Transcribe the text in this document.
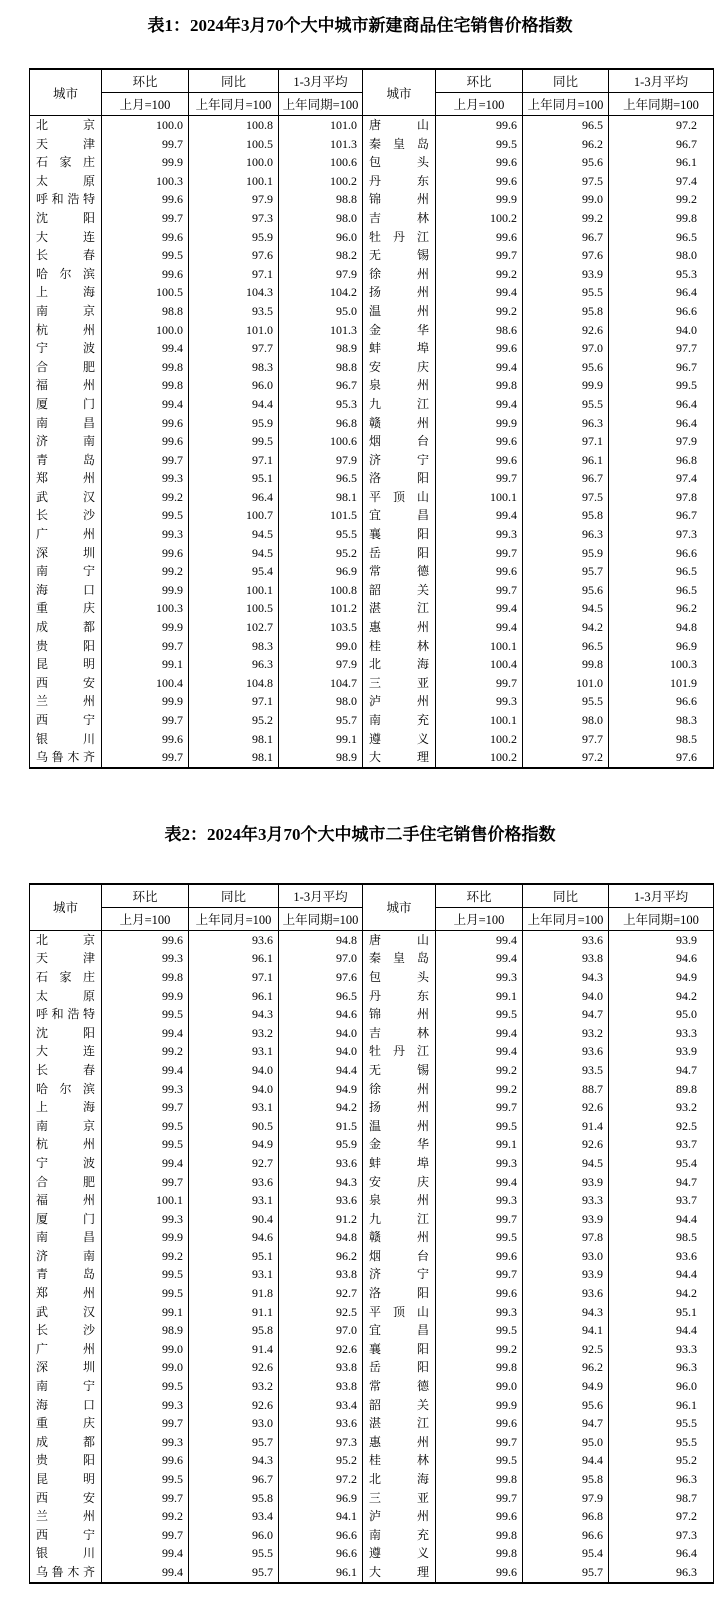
表1：2024年3月70个大中城市新建商品住宅销售价格指数
城市	环比	同比	1-3月平均	城市	环比	同比	1-3月平均
	上月=100	上年同月=100	上年同期=100		上月=100	上年同月=100	上年同期=100

北 京	100.0	100.8	101.0	唐 山	99.6	96.5	97.2

天 津	99.7	100.5	101.3	秦 皇 岛	99.5	96.2	96.7

石 家 庄	99.9	100.0	100.6	包 头	99.6	95.6	96.1

太 原	100.3	100.1	100.2	丹 东	99.6	97.5	97.4

呼 和 浩 特	99.6	97.9	98.8	锦 州	99.9	99.0	99.2

沈 阳	99.7	97.3	98.0	吉 林	100.2	99.2	99.8

大 连	99.6	95.9	96.0	牡 丹 江	99.6	96.7	96.5

长 春	99.5	97.6	98.2	无 锡	99.7	97.6	98.0

哈 尔 滨	99.6	97.1	97.9	徐 州	99.2	93.9	95.3

上 海	100.5	104.3	104.2	扬 州	99.4	95.5	96.4

南 京	98.8	93.5	95.0	温 州	99.2	95.8	96.6

杭 州	100.0	101.0	101.3	金 华	98.6	92.6	94.0

宁 波	99.4	97.7	98.9	蚌 埠	99.6	97.0	97.7

合 肥	99.8	98.3	98.8	安 庆	99.4	95.6	96.7

福 州	99.8	96.0	96.7	泉 州	99.8	99.9	99.5

厦 门	99.4	94.4	95.3	九 江	99.4	95.5	96.4

南 昌	99.6	95.9	96.8	赣 州	99.9	96.3	96.4

济 南	99.6	99.5	100.6	烟 台	99.6	97.1	97.9

青 岛	99.7	97.1	97.9	济 宁	99.6	96.1	96.8

郑 州	99.3	95.1	96.5	洛 阳	99.7	96.7	97.4

武 汉	99.2	96.4	98.1	平 顶 山	100.1	97.5	97.8

长 沙	99.5	100.7	101.5	宜 昌	99.4	95.8	96.7

广 州	99.3	94.5	95.5	襄 阳	99.3	96.3	97.3

深 圳	99.6	94.5	95.2	岳 阳	99.7	95.9	96.6

南 宁	99.2	95.4	96.9	常 德	99.6	95.7	96.5

海 口	99.9	100.1	100.8	韶 关	99.7	95.6	96.5

重 庆	100.3	100.5	101.2	湛 江	99.4	94.5	96.2

成 都	99.9	102.7	103.5	惠 州	99.4	94.2	94.8

贵 阳	99.7	98.3	99.0	桂 林	100.1	96.5	96.9

昆 明	99.1	96.3	97.9	北 海	100.4	99.8	100.3

西 安	100.4	104.8	104.7	三 亚	99.7	101.0	101.9

兰 州	99.9	97.1	98.0	泸 州	99.3	95.5	96.6

西 宁	99.7	95.2	95.7	南 充	100.1	98.0	98.3

银 川	99.6	98.1	99.1	遵 义	100.2	97.7	98.5

乌 鲁 木 齐	99.7	98.1	98.9	大 理	100.2	97.2	97.6
表2：2024年3月70个大中城市二手住宅销售价格指数
城市	环比	同比	1-3月平均	城市	环比	同比	1-3月平均
	上月=100	上年同月=100	上年同期=100		上月=100	上年同月=100	上年同期=100

北 京	99.6	93.6	94.8	唐 山	99.4	93.6	93.9

天 津	99.3	96.1	97.0	秦 皇 岛	99.4	93.8	94.6

石 家 庄	99.8	97.1	97.6	包 头	99.3	94.3	94.9

太 原	99.9	96.1	96.5	丹 东	99.1	94.0	94.2

呼 和 浩 特	99.5	94.3	94.6	锦 州	99.5	94.7	95.0

沈 阳	99.4	93.2	94.0	吉 林	99.4	93.2	93.3

大 连	99.2	93.1	94.0	牡 丹 江	99.4	93.6	93.9

长 春	99.4	94.0	94.4	无 锡	99.2	93.5	94.7

哈 尔 滨	99.3	94.0	94.9	徐 州	99.2	88.7	89.8

上 海	99.7	93.1	94.2	扬 州	99.7	92.6	93.2

南 京	99.5	90.5	91.5	温 州	99.5	91.4	92.5

杭 州	99.5	94.9	95.9	金 华	99.1	92.6	93.7

宁 波	99.4	92.7	93.6	蚌 埠	99.3	94.5	95.4

合 肥	99.7	93.6	94.3	安 庆	99.4	93.9	94.7

福 州	100.1	93.1	93.6	泉 州	99.3	93.3	93.7

厦 门	99.3	90.4	91.2	九 江	99.7	93.9	94.4

南 昌	99.9	94.6	94.8	赣 州	99.5	97.8	98.5

济 南	99.2	95.1	96.2	烟 台	99.6	93.0	93.6

青 岛	99.5	93.1	93.8	济 宁	99.7	93.9	94.4

郑 州	99.5	91.8	92.7	洛 阳	99.6	93.6	94.2

武 汉	99.1	91.1	92.5	平 顶 山	99.3	94.3	95.1

长 沙	98.9	95.8	97.0	宜 昌	99.5	94.1	94.4

广 州	99.0	91.4	92.6	襄 阳	99.2	92.5	93.3

深 圳	99.0	92.6	93.8	岳 阳	99.8	96.2	96.3

南 宁	99.5	93.2	93.8	常 德	99.0	94.9	96.0

海 口	99.3	92.6	93.4	韶 关	99.9	95.6	96.1

重 庆	99.7	93.0	93.6	湛 江	99.6	94.7	95.5

成 都	99.3	95.7	97.3	惠 州	99.7	95.0	95.5

贵 阳	99.6	94.3	95.2	桂 林	99.5	94.4	95.2

昆 明	99.5	96.7	97.2	北 海	99.8	95.8	96.3

西 安	99.7	95.8	96.9	三 亚	99.7	97.9	98.7

兰 州	99.2	93.4	94.1	泸 州	99.6	96.8	97.2

西 宁	99.7	96.0	96.6	南 充	99.8	96.6	97.3

银 川	99.4	95.5	96.6	遵 义	99.8	95.4	96.4

乌 鲁 木 齐	99.4	95.7	96.1	大 理	99.6	95.7	96.3
